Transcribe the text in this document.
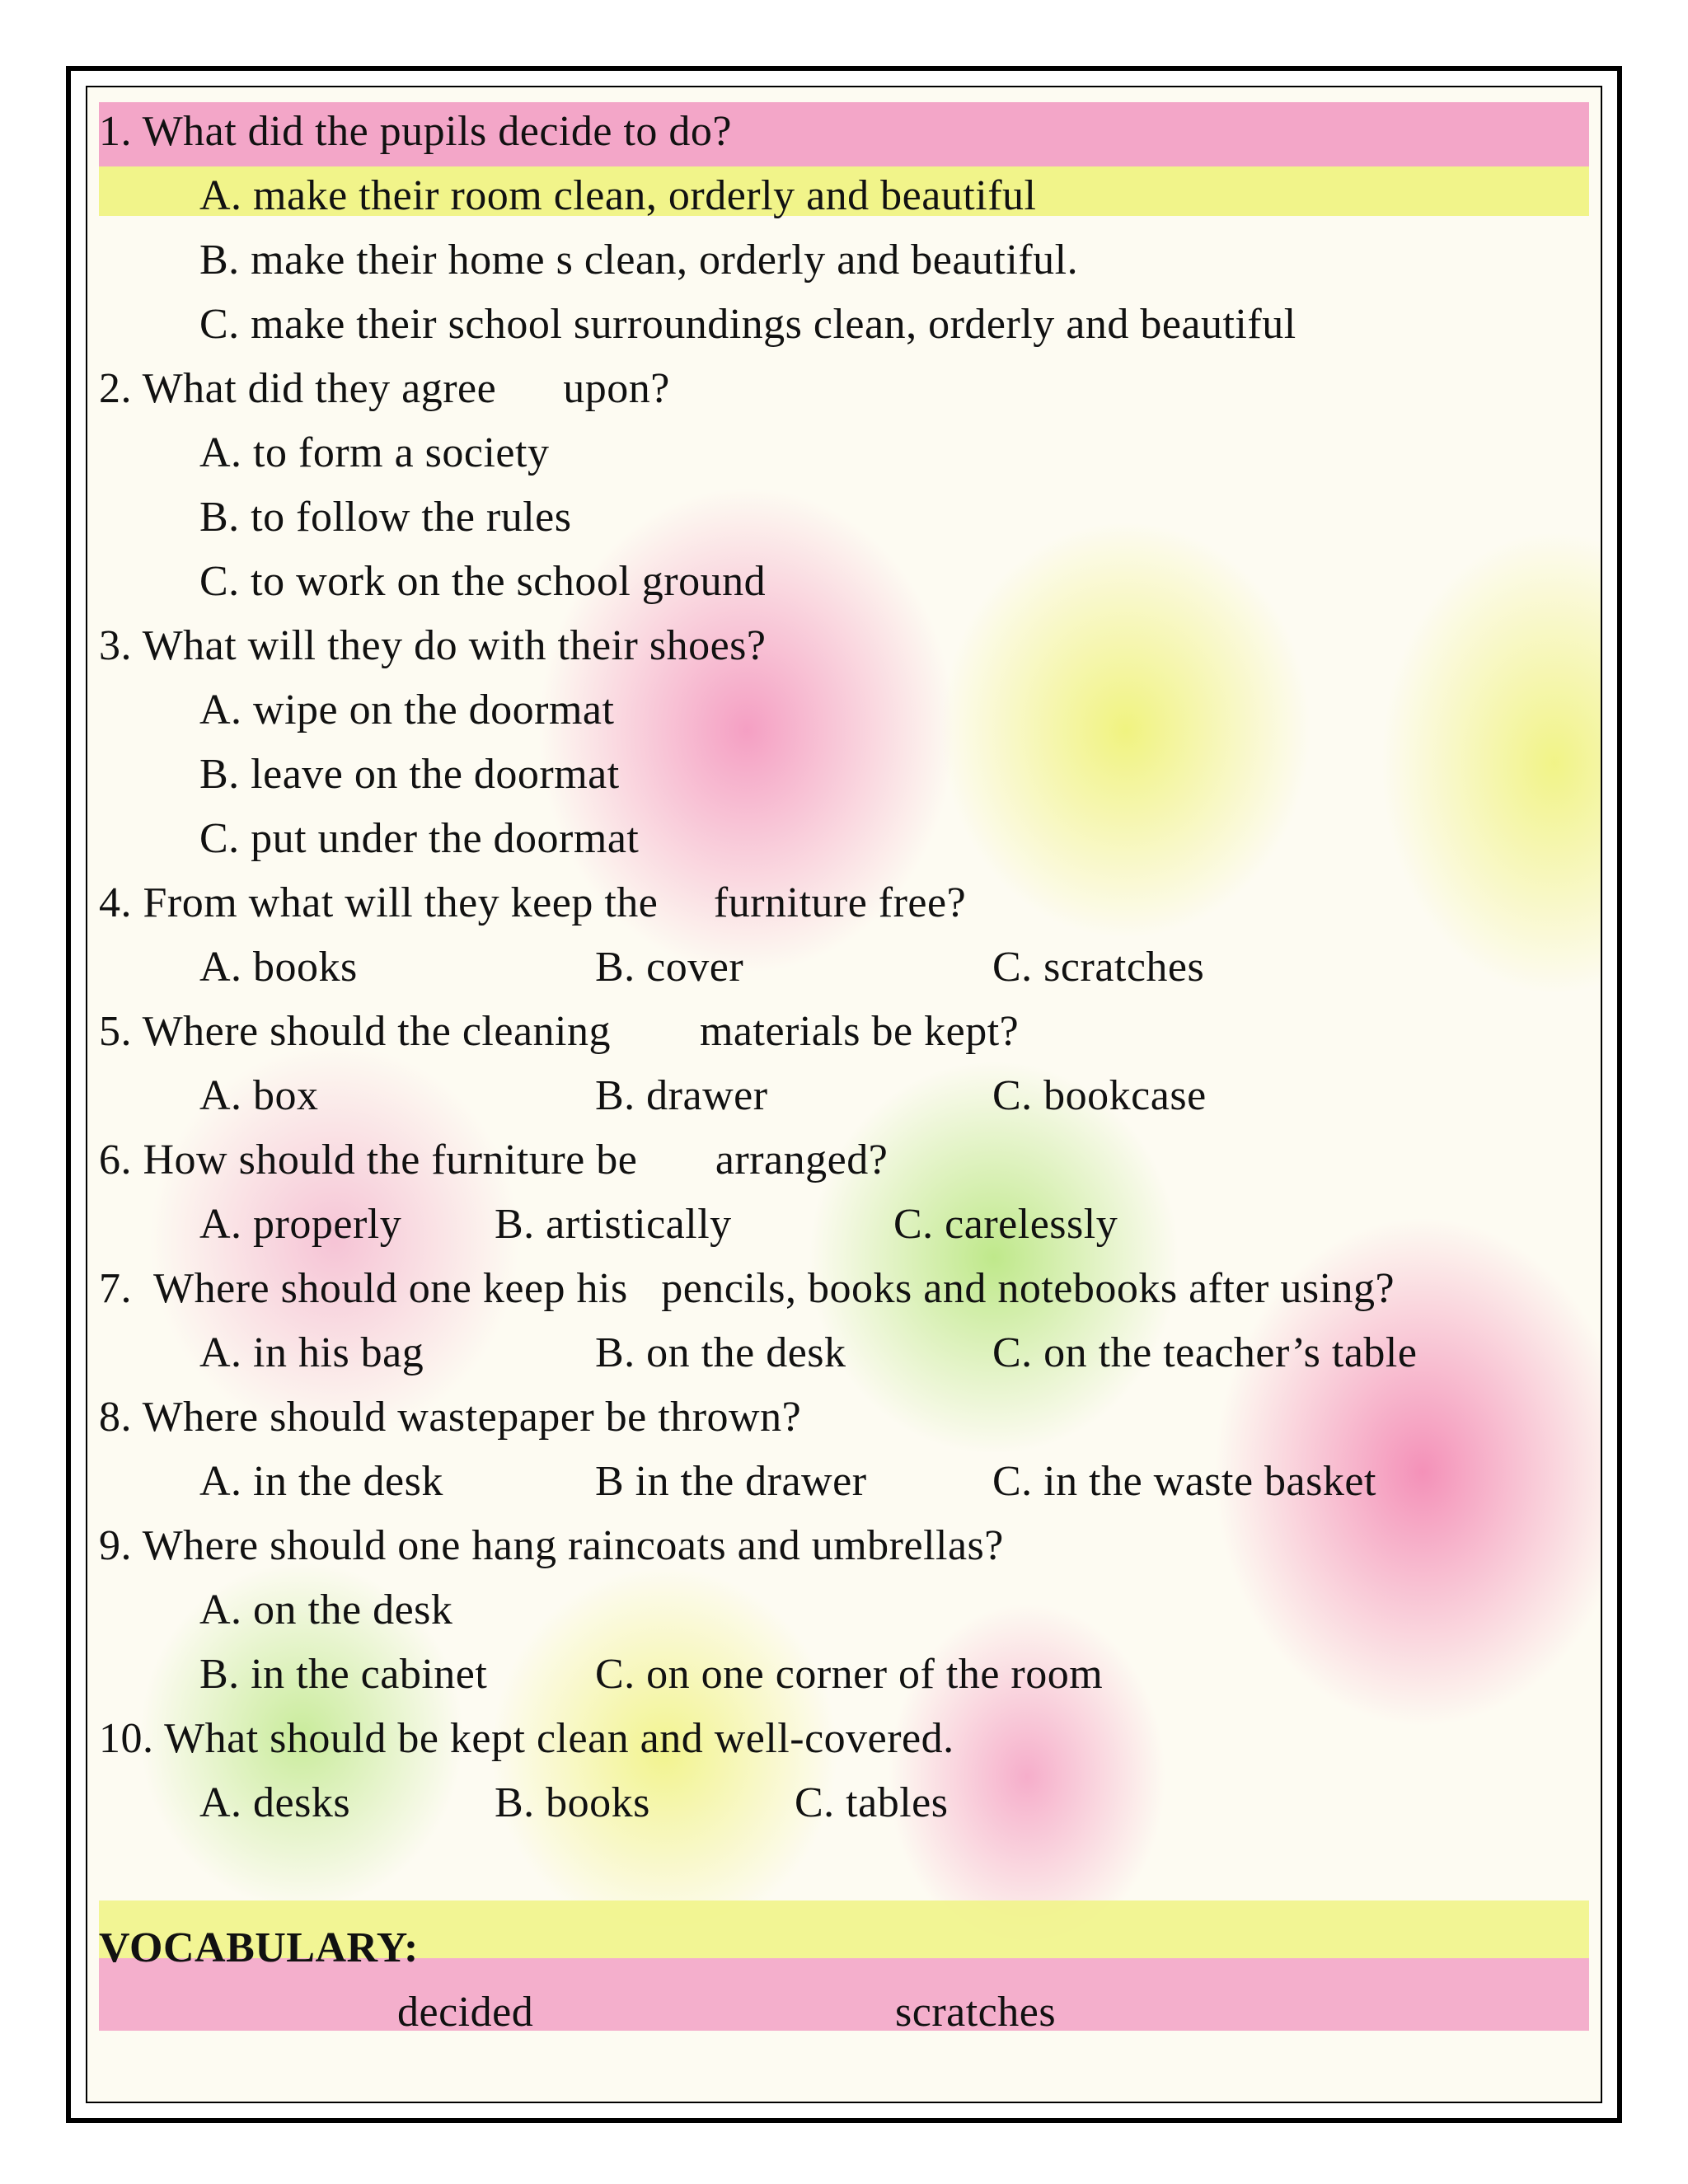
1. What did the pupils decide to do?
A. make their room clean, orderly and beautiful
B. make their home s clean, orderly and beautiful.
C. make their school surroundings clean, orderly and beautiful
2. What did they agree      upon?
A. to form a society
B. to follow the rules
C. to work on the school ground
3. What will they do with their shoes?
A. wipe on the doormat
B. leave on the doormat
C. put under the doormat
4. From what will they keep the     furniture free?
A. books	B. cover	C. scratches
5. Where should the cleaning        materials be kept?
A. box	B. drawer	C. bookcase
6. How should the furniture be       arranged?
A. properly B. artistically	C. carelessly
7.  Where should one keep his   pencils, books and notebooks after using?
A. in his bag	B. on the desk	C. on the teacher’s table
8. Where should wastepaper be thrown?
A. in the desk	B in the drawer	C. in the waste basket
9. Where should one hang raincoats and umbrellas?
A. on the desk
B. in the cabinet	C. on one corner of the room
10. What should be kept clean and well-covered.
A. desks	B. books	C. tables
VOCABULARY:
decided	scratches
